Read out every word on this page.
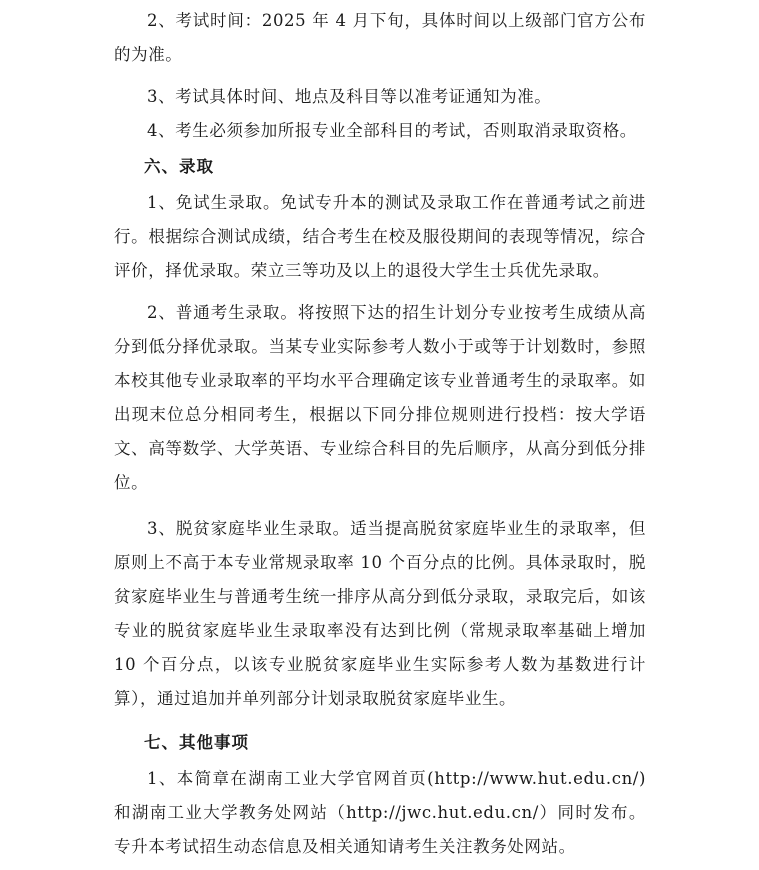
2、考试时间：2025 年 4 月下旬，具体时间以上级部门官方公布的为准。

3、考试具体时间、地点及科目等以准考证通知为准。

4、考生必须参加所报专业全部科目的考试，否则取消录取资格。

六、录取

1、免试生录取。免试专升本的测试及录取工作在普通考试之前进行。根据综合测试成绩，结合考生在校及服役期间的表现等情况，综合评价，择优录取。荣立三等功及以上的退役大学生士兵优先录取。

2、普通考生录取。将按照下达的招生计划分专业按考生成绩从高分到低分择优录取。当某专业实际参考人数小于或等于计划数时，参照本校其他专业录取率的平均水平合理确定该专业普通考生的录取率。如出现末位总分相同考生，根据以下同分排位规则进行投档：按大学语文、高等数学、大学英语、专业综合科目的先后顺序，从高分到低分排位。

3、脱贫家庭毕业生录取。适当提高脱贫家庭毕业生的录取率，但原则上不高于本专业常规录取率 10 个百分点的比例。具体录取时，脱贫家庭毕业生与普通考生统一排序从高分到低分录取，录取完后，如该专业的脱贫家庭毕业生录取率没有达到比例（常规录取率基础上增加 10 个百分点，以该专业脱贫家庭毕业生实际参考人数为基数进行计算），通过追加并单列部分计划录取脱贫家庭毕业生。

七、其他事项

1、本简章在湖南工业大学官网首页(http://www.hut.edu.cn/)和湖南工业大学教务处网站（http://jwc.hut.edu.cn/）同时发布。专升本考试招生动态信息及相关通知请考生关注教务处网站。
